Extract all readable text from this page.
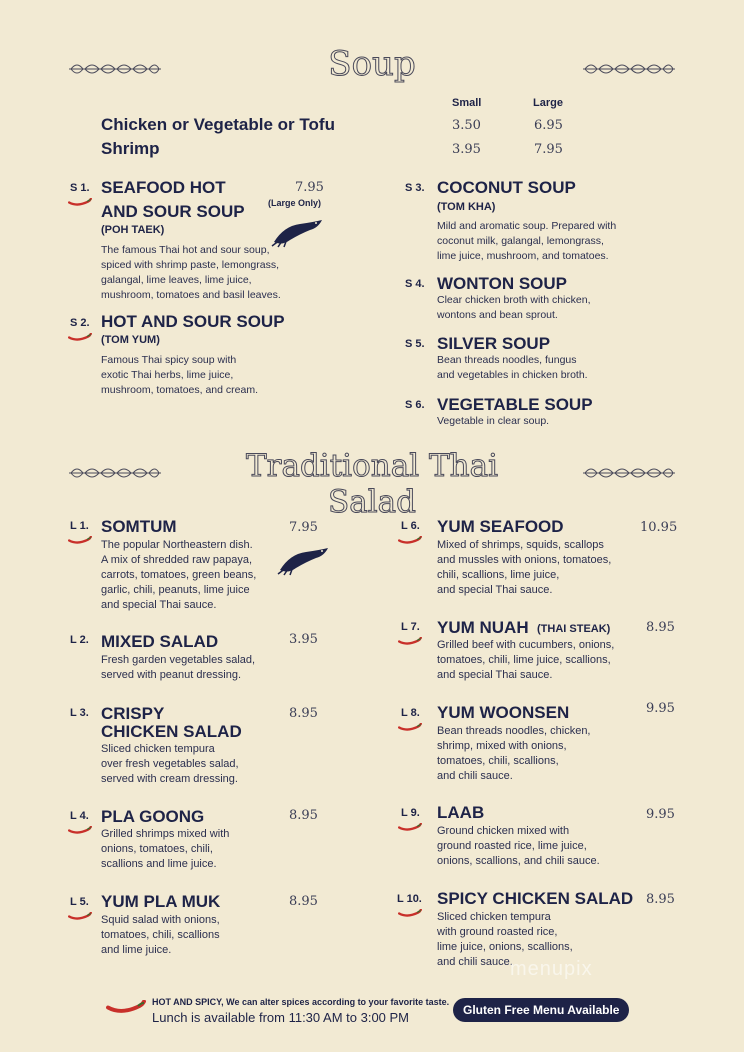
Soup
Small	Large
Chicken or Vegetable or Tofu	3.50	6.95
Shrimp	3.95	7.95
S 1. SEAFOOD HOT
AND SOUR SOUP
(POH TAEK)
7.95
(Large Only)
The famous Thai hot and sour soup,
spiced with shrimp paste, lemongrass,
galangal, lime leaves, lime juice,
mushroom, tomatoes and basil leaves.
S 2. HOT AND SOUR SOUP
(TOM YUM)
Famous Thai spicy soup with
exotic Thai herbs, lime juice,
mushroom, tomatoes, and cream.
S 3. COCONUT SOUP
(TOM KHA)
Mild and aromatic soup. Prepared with
coconut milk, galangal, lemongrass,
lime juice, mushroom, and tomatoes.
S 4. WONTON SOUP
Clear chicken broth with chicken,
wontons and bean sprout.
S 5. SILVER SOUP
Bean threads noodles, fungus
and vegetables in chicken broth.
S 6. VEGETABLE SOUP
Vegetable in clear soup.
Traditional Thai Salad
L 1. SOMTUM	7.95
The popular Northeastern dish.
A mix of shredded raw papaya,
carrots, tomatoes, green beans,
garlic, chili, peanuts, lime juice
and special Thai sauce.
L 2. MIXED SALAD	3.95
Fresh garden vegetables salad,
served with peanut dressing.
L 3. CRISPY
CHICKEN SALAD
8.95
Sliced chicken tempura
over fresh vegetables salad,
served with cream dressing.
L 4. PLA GOONG	8.95
Grilled shrimps mixed with
onions, tomatoes, chili,
scallions and lime juice.
L 5. YUM PLA MUK	8.95
Squid salad with onions,
tomatoes, chili, scallions
and lime juice.
L 6. YUM SEAFOOD	10.95
Mixed of shrimps, squids, scallops
and mussles with onions, tomatoes,
chili, scallions, lime juice,
and special Thai sauce.
L 7. YUM NUAH (THAI STEAK)	8.95
Grilled beef with cucumbers, onions,
tomatoes, chili, lime juice, scallions,
and special Thai sauce.
L 8. YUM WOONSEN	9.95
Bean threads noodles, chicken,
shrimp, mixed with onions,
tomatoes, chili, scallions,
and chili sauce.
L 9. LAAB	9.95
Ground chicken mixed with
ground roasted rice, lime juice,
onions, scallions, and chili sauce.
L 10. SPICY CHICKEN SALAD 8.95
Sliced chicken tempura
with ground roasted rice,
lime juice, onions, scallions,
and chili sauce.
menupix
HOT AND SPICY, We can alter spices according to your favorite taste.
Lunch is available from 11:30 AM to 3:00 PM	Gluten Free Menu Available
